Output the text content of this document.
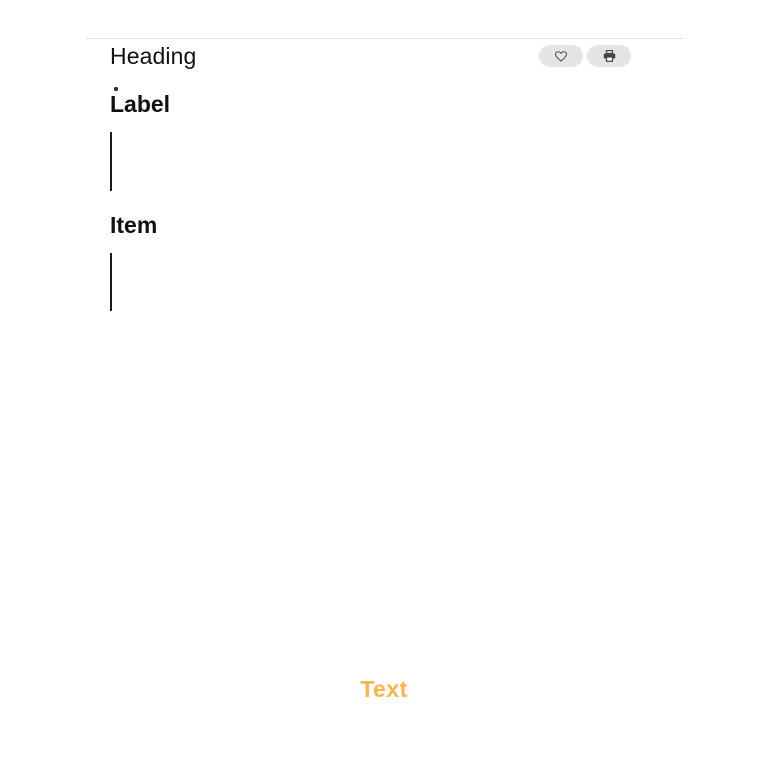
Heading

Label

Item

Text
